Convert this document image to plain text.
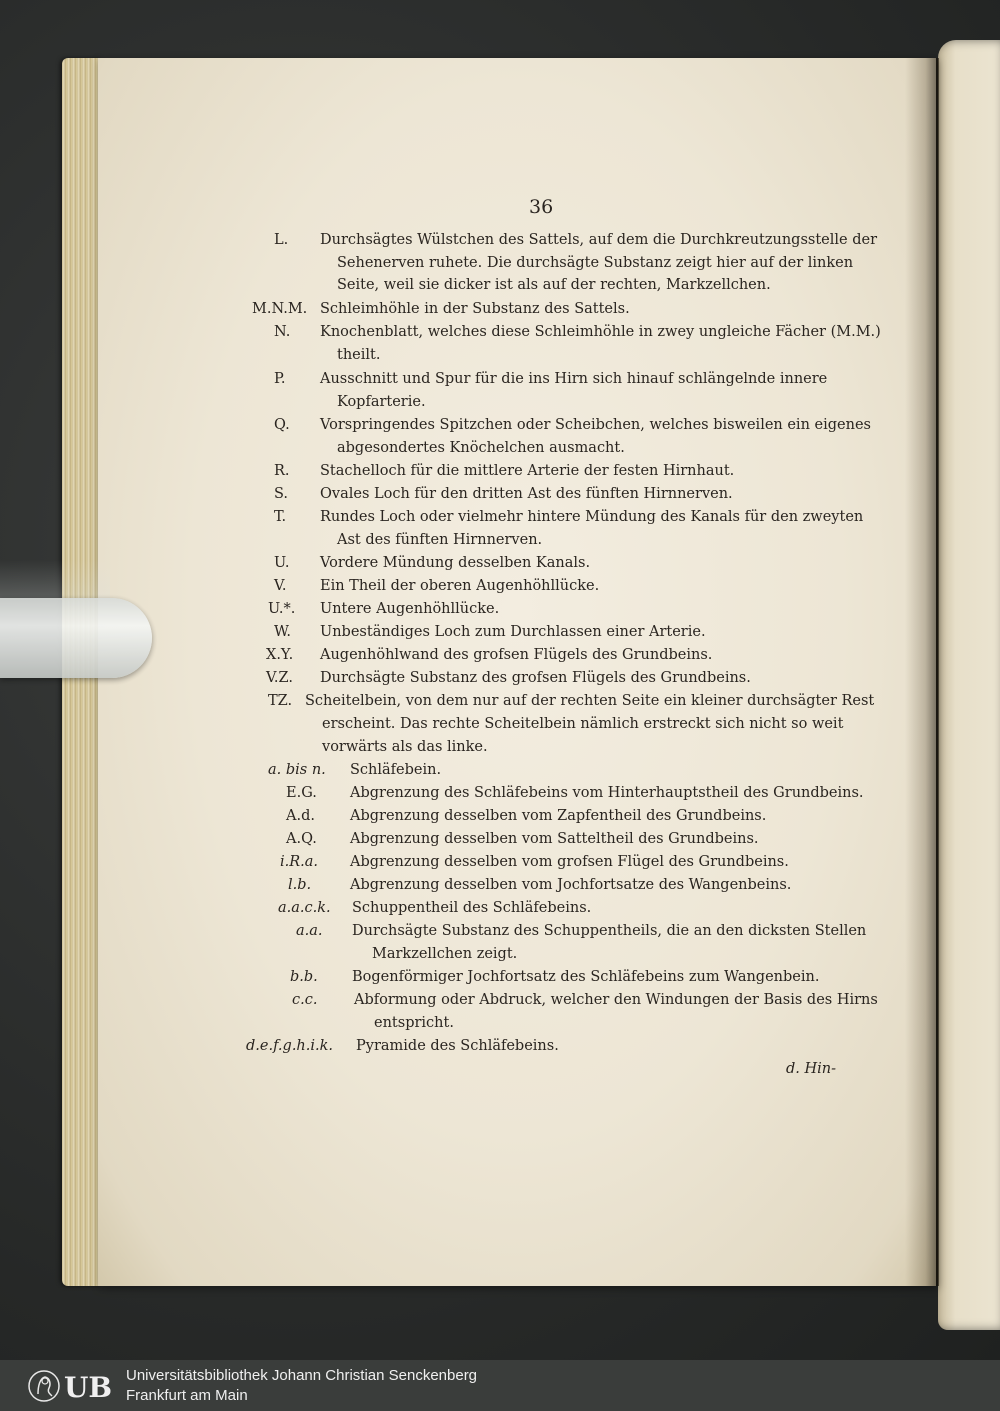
36
L. Durchsägtes Wülstchen des Sattels, auf dem die Durchkreutzungsstelle der
Sehenerven ruhete. Die durchsägte Substanz zeigt hier auf der linken
Seite, weil sie dicker ist als auf der rechten, Markzellchen.
M.N.M. Schleimhöhle in der Substanz des Sattels.
N. Knochenblatt, welches diese Schleimhöhle in zwey ungleiche Fächer (M.M.)
theilt.
P. Ausschnitt und Spur für die ins Hirn sich hinauf schlängelnde innere
Kopfarterie.
Q. Vorspringendes Spitzchen oder Scheibchen, welches bisweilen ein eigenes
abgesondertes Knöchelchen ausmacht.
R. Stachelloch für die mittlere Arterie der festen Hirnhaut.
S. Ovales Loch für den dritten Ast des fünften Hirnnerven.
T. Rundes Loch oder vielmehr hintere Mündung des Kanals für den zweyten
Ast des fünften Hirnnerven.
U. Vordere Mündung desselben Kanals.
V. Ein Theil der oberen Augenhöhllücke.
U.*. Untere Augenhöhllücke.
W. Unbeständiges Loch zum Durchlassen einer Arterie.
X.Y. Augenhöhlwand des grofsen Flügels des Grundbeins.
V.Z. Durchsägte Substanz des grofsen Flügels des Grundbeins.
TZ. Scheitelbein, von dem nur auf der rechten Seite ein kleiner durchsägter Rest
erscheint. Das rechte Scheitelbein nämlich erstreckt sich nicht so weit
vorwärts als das linke.
a. bis n. Schläfebein.
E.G. Abgrenzung des Schläfebeins vom Hinterhauptstheil des Grundbeins.
A.d. Abgrenzung desselben vom Zapfentheil des Grundbeins.
A.Q. Abgrenzung desselben vom Satteltheil des Grundbeins.
i.R.a. Abgrenzung desselben vom grofsen Flügel des Grundbeins.
l.b.	Abgrenzung desselben vom Jochfortsatze des Wangenbeins.
a.a.c.k. Schuppentheil des Schläfebeins.
a.a. Durchsägte Substanz des Schuppentheils, die an den dicksten Stellen
Markzellchen zeigt.
b.b. Bogenförmiger Jochfortsatz des Schläfebeins zum Wangenbein.
c.c.	Abformung oder Abdruck, welcher den Windungen der Basis des Hirns
entspricht.
d.e.f.g.h.i.k. Pyramide des Schläfebeins.
d. Hin-
UB Universitätsbibliothek Johann Christian Senckenberg
Frankfurt am Main
